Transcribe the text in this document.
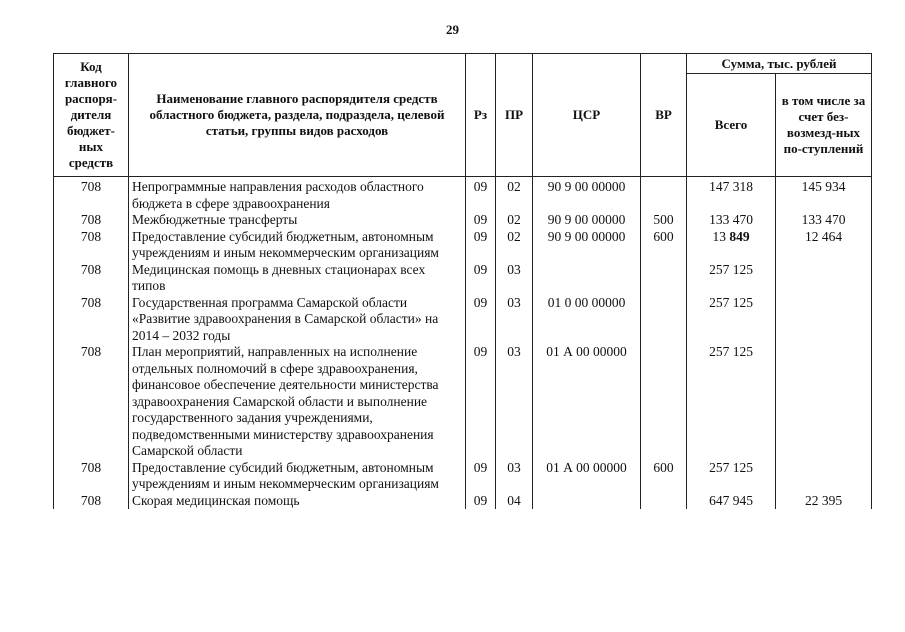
29
Код главного распоря-дителя бюджет-ных средств	Наименование главного распорядителя средств областного бюджета, раздела, подраздела, целевой статьи, группы видов расходов	Рз	ПР	ЦСР	ВР	Сумма, тыс. рублей	
						Всего	в том числе за счет без-возмезд-ных по-ступлений
708	Непрограммные направления расходов областного бюджета в сфере здравоохранения	09	02	90 9 00 00000		147 318	145 934
708	Межбюджетные трансферты	09	02	90 9 00 00000	500	133 470	133 470
708	Предоставление субсидий бюджетным, автономным учреждениям и иным некоммерческим организациям	09	02	90 9 00 00000	600	13 849	12 464
708	Медицинская помощь в дневных стационарах всех типов	09	03			257 125	
708	Государственная программа Самарской области «Развитие здравоохранения в Самарской области» на 2014 – 2032 годы	09	03	01 0 00 00000		257 125	
708	План мероприятий, направленных на исполнение отдельных полномочий в сфере здравоохранения, финансовое обеспечение деятельности министерства здравоохранения Самарской области и выполнение государственного задания учреждениями, подведомственными министерству здравоохранения Самарской области	09	03	01 А 00 00000		257 125	
708	Предоставление субсидий бюджетным, автономным учреждениям и иным некоммерческим организациям	09	03	01 А 00 00000	600	257 125	
708	Скорая медицинская помощь	09	04			647 945	22 395
